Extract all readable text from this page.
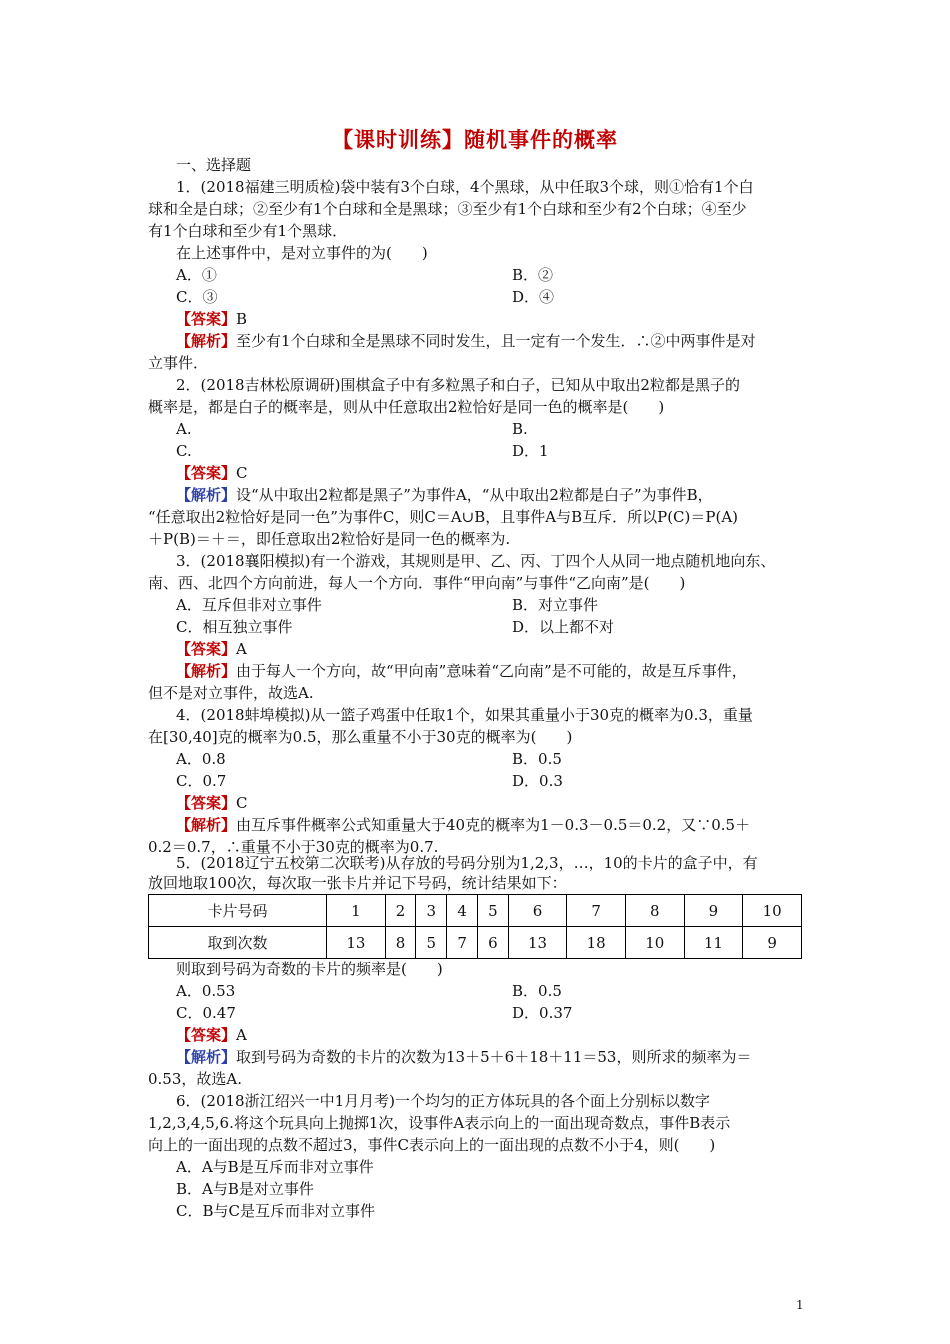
【课时训练】随机事件的概率
一、选择题
1．(2018福建三明质检)袋中装有3个白球，4个黑球，从中任取3个球，则①恰有1个白
球和全是白球；②至少有1个白球和全是黑球；③至少有1个白球和至少有2个白球；④至少
有1个白球和至少有1个黑球．
在上述事件中，是对立事件的为(　　)
A．①	B．②
C．③	D．④
【答案】B
【解析】至少有1个白球和全是黑球不同时发生，且一定有一个发生．∴②中两事件是对
立事件．
2．(2018吉林松原调研)围棋盒子中有多粒黑子和白子，已知从中取出2粒都是黑子的
概率是，都是白子的概率是，则从中任意取出2粒恰好是同一色的概率是(　　)
A.	B.
C.	D．1
【答案】C
【解析】设“从中取出2粒都是黑子”为事件A，“从中取出2粒都是白子”为事件B，
“任意取出2粒恰好是同一色”为事件C，则C＝A∪B，且事件A与B互斥．所以P(C)＝P(A)
＋P(B)＝＋＝，即任意取出2粒恰好是同一色的概率为.
3．(2018襄阳模拟)有一个游戏，其规则是甲、乙、丙、丁四个人从同一地点随机地向东、
南、西、北四个方向前进，每人一个方向．事件“甲向南”与事件“乙向南”是(　　)
A．互斥但非对立事件	B．对立事件
C．相互独立事件	D．以上都不对
【答案】A
【解析】由于每人一个方向，故“甲向南”意味着“乙向南”是不可能的，故是互斥事件，
但不是对立事件，故选A.
4．(2018蚌埠模拟)从一篮子鸡蛋中任取1个，如果其重量小于30克的概率为0.3，重量
在[30,40]克的概率为0.5，那么重量不小于30克的概率为(　　)
A．0.8	B．0.5
C．0.7	D．0.3
【答案】C
【解析】由互斥事件概率公式知重量大于40克的概率为1－0.3－0.5＝0.2，又∵0.5＋
0.2＝0.7，∴重量不小于30克的概率为0.7.
5．(2018辽宁五校第二次联考)从存放的号码分别为1,2,3，…，10的卡片的盒子中，有
放回地取100次，每次取一张卡片并记下号码，统计结果如下：
卡片号码	1	2	3	4	5	6	7	8	9	10
取到次数	13	8	5	7	6	13	18	10	11	9
则取到号码为奇数的卡片的频率是(　　)
A．0.53	B．0.5
C．0.47	D．0.37
【答案】A
【解析】取到号码为奇数的卡片的次数为13＋5＋6＋18＋11＝53，则所求的频率为＝
0.53，故选A.
6．(2018浙江绍兴一中1月月考)一个均匀的正方体玩具的各个面上分别标以数字
1,2,3,4,5,6.将这个玩具向上抛掷1次，设事件A表示向上的一面出现奇数点，事件B表示
向上的一面出现的点数不超过3，事件C表示向上的一面出现的点数不小于4，则(　　)
A．A与B是互斥而非对立事件
B．A与B是对立事件
C．B与C是互斥而非对立事件
1
